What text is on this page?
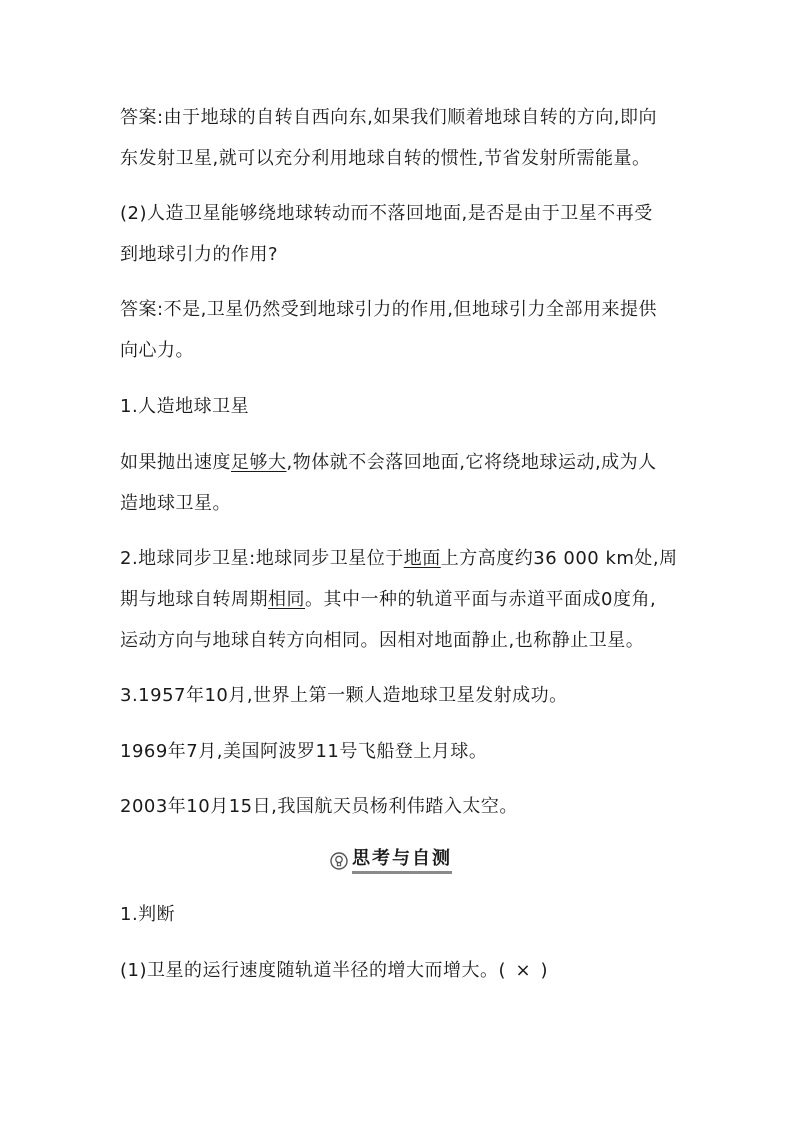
答案:由于地球的自转自西向东,如果我们顺着地球自转的方向,即向
东发射卫星,就可以充分利用地球自转的惯性,节省发射所需能量。
(2)人造卫星能够绕地球转动而不落回地面,是否是由于卫星不再受
到地球引力的作用?
答案:不是,卫星仍然受到地球引力的作用,但地球引力全部用来提供
向心力。
1.人造地球卫星
如果抛出速度足够大,物体就不会落回地面,它将绕地球运动,成为人
造地球卫星。
2.地球同步卫星:地球同步卫星位于地面上方高度约36 000 km处,周
期与地球自转周期相同。其中一种的轨道平面与赤道平面成0度角,
运动方向与地球自转方向相同。因相对地面静止,也称静止卫星。
3.1957年10月,世界上第一颗人造地球卫星发射成功。
1969年7月,美国阿波罗11号飞船登上月球。
2003年10月15日,我国航天员杨利伟踏入太空。
思考与自测
1.判断
(1)卫星的运行速度随轨道半径的增大而增大。( × )
